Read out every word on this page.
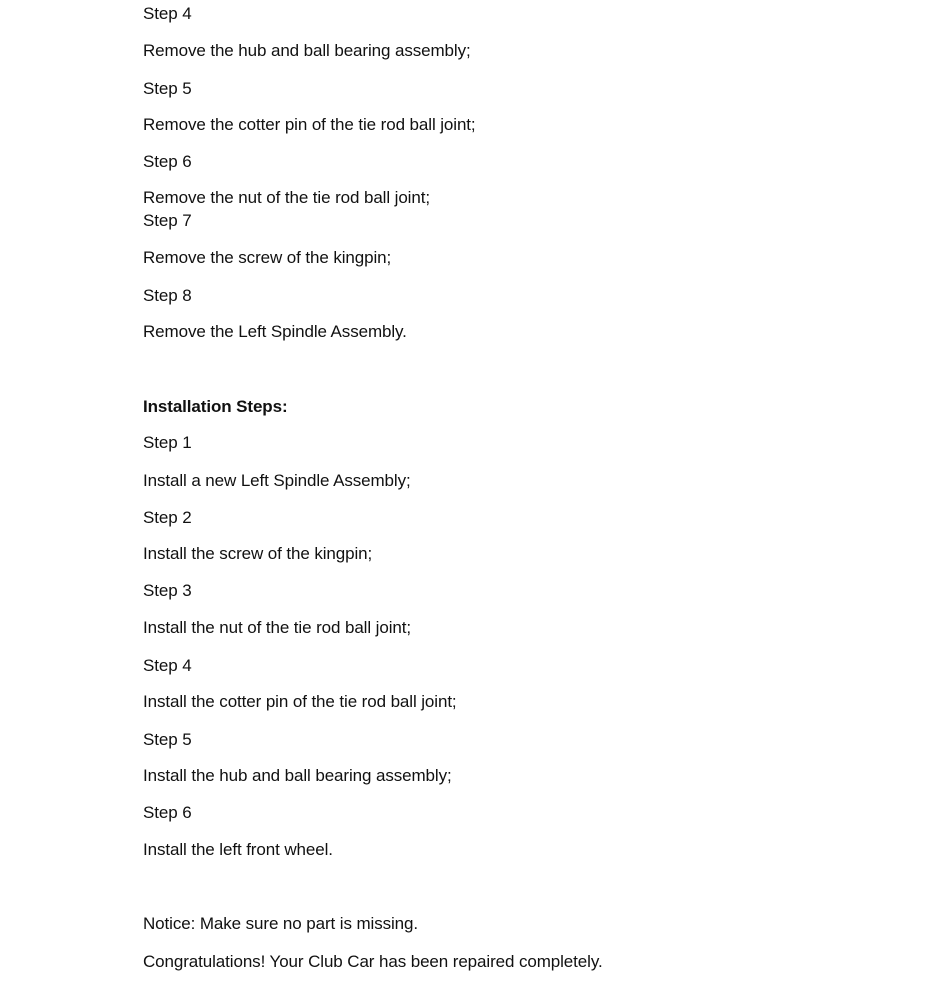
Step 4
Remove the hub and ball bearing assembly;
Step 5
Remove the cotter pin of the tie rod ball joint;
Step 6
Remove the nut of the tie rod ball joint;
Step 7
Remove the screw of the kingpin;
Step 8
Remove the Left Spindle Assembly.
Installation Steps:
Step 1
Install a new Left Spindle Assembly;
Step 2
Install the screw of the kingpin;
Step 3
Install the nut of the tie rod ball joint;
Step 4
Install the cotter pin of the tie rod ball joint;
Step 5
Install the hub and ball bearing assembly;
Step 6
Install the left front wheel.
Notice: Make sure no part is missing.
Congratulations! Your Club Car has been repaired completely.
